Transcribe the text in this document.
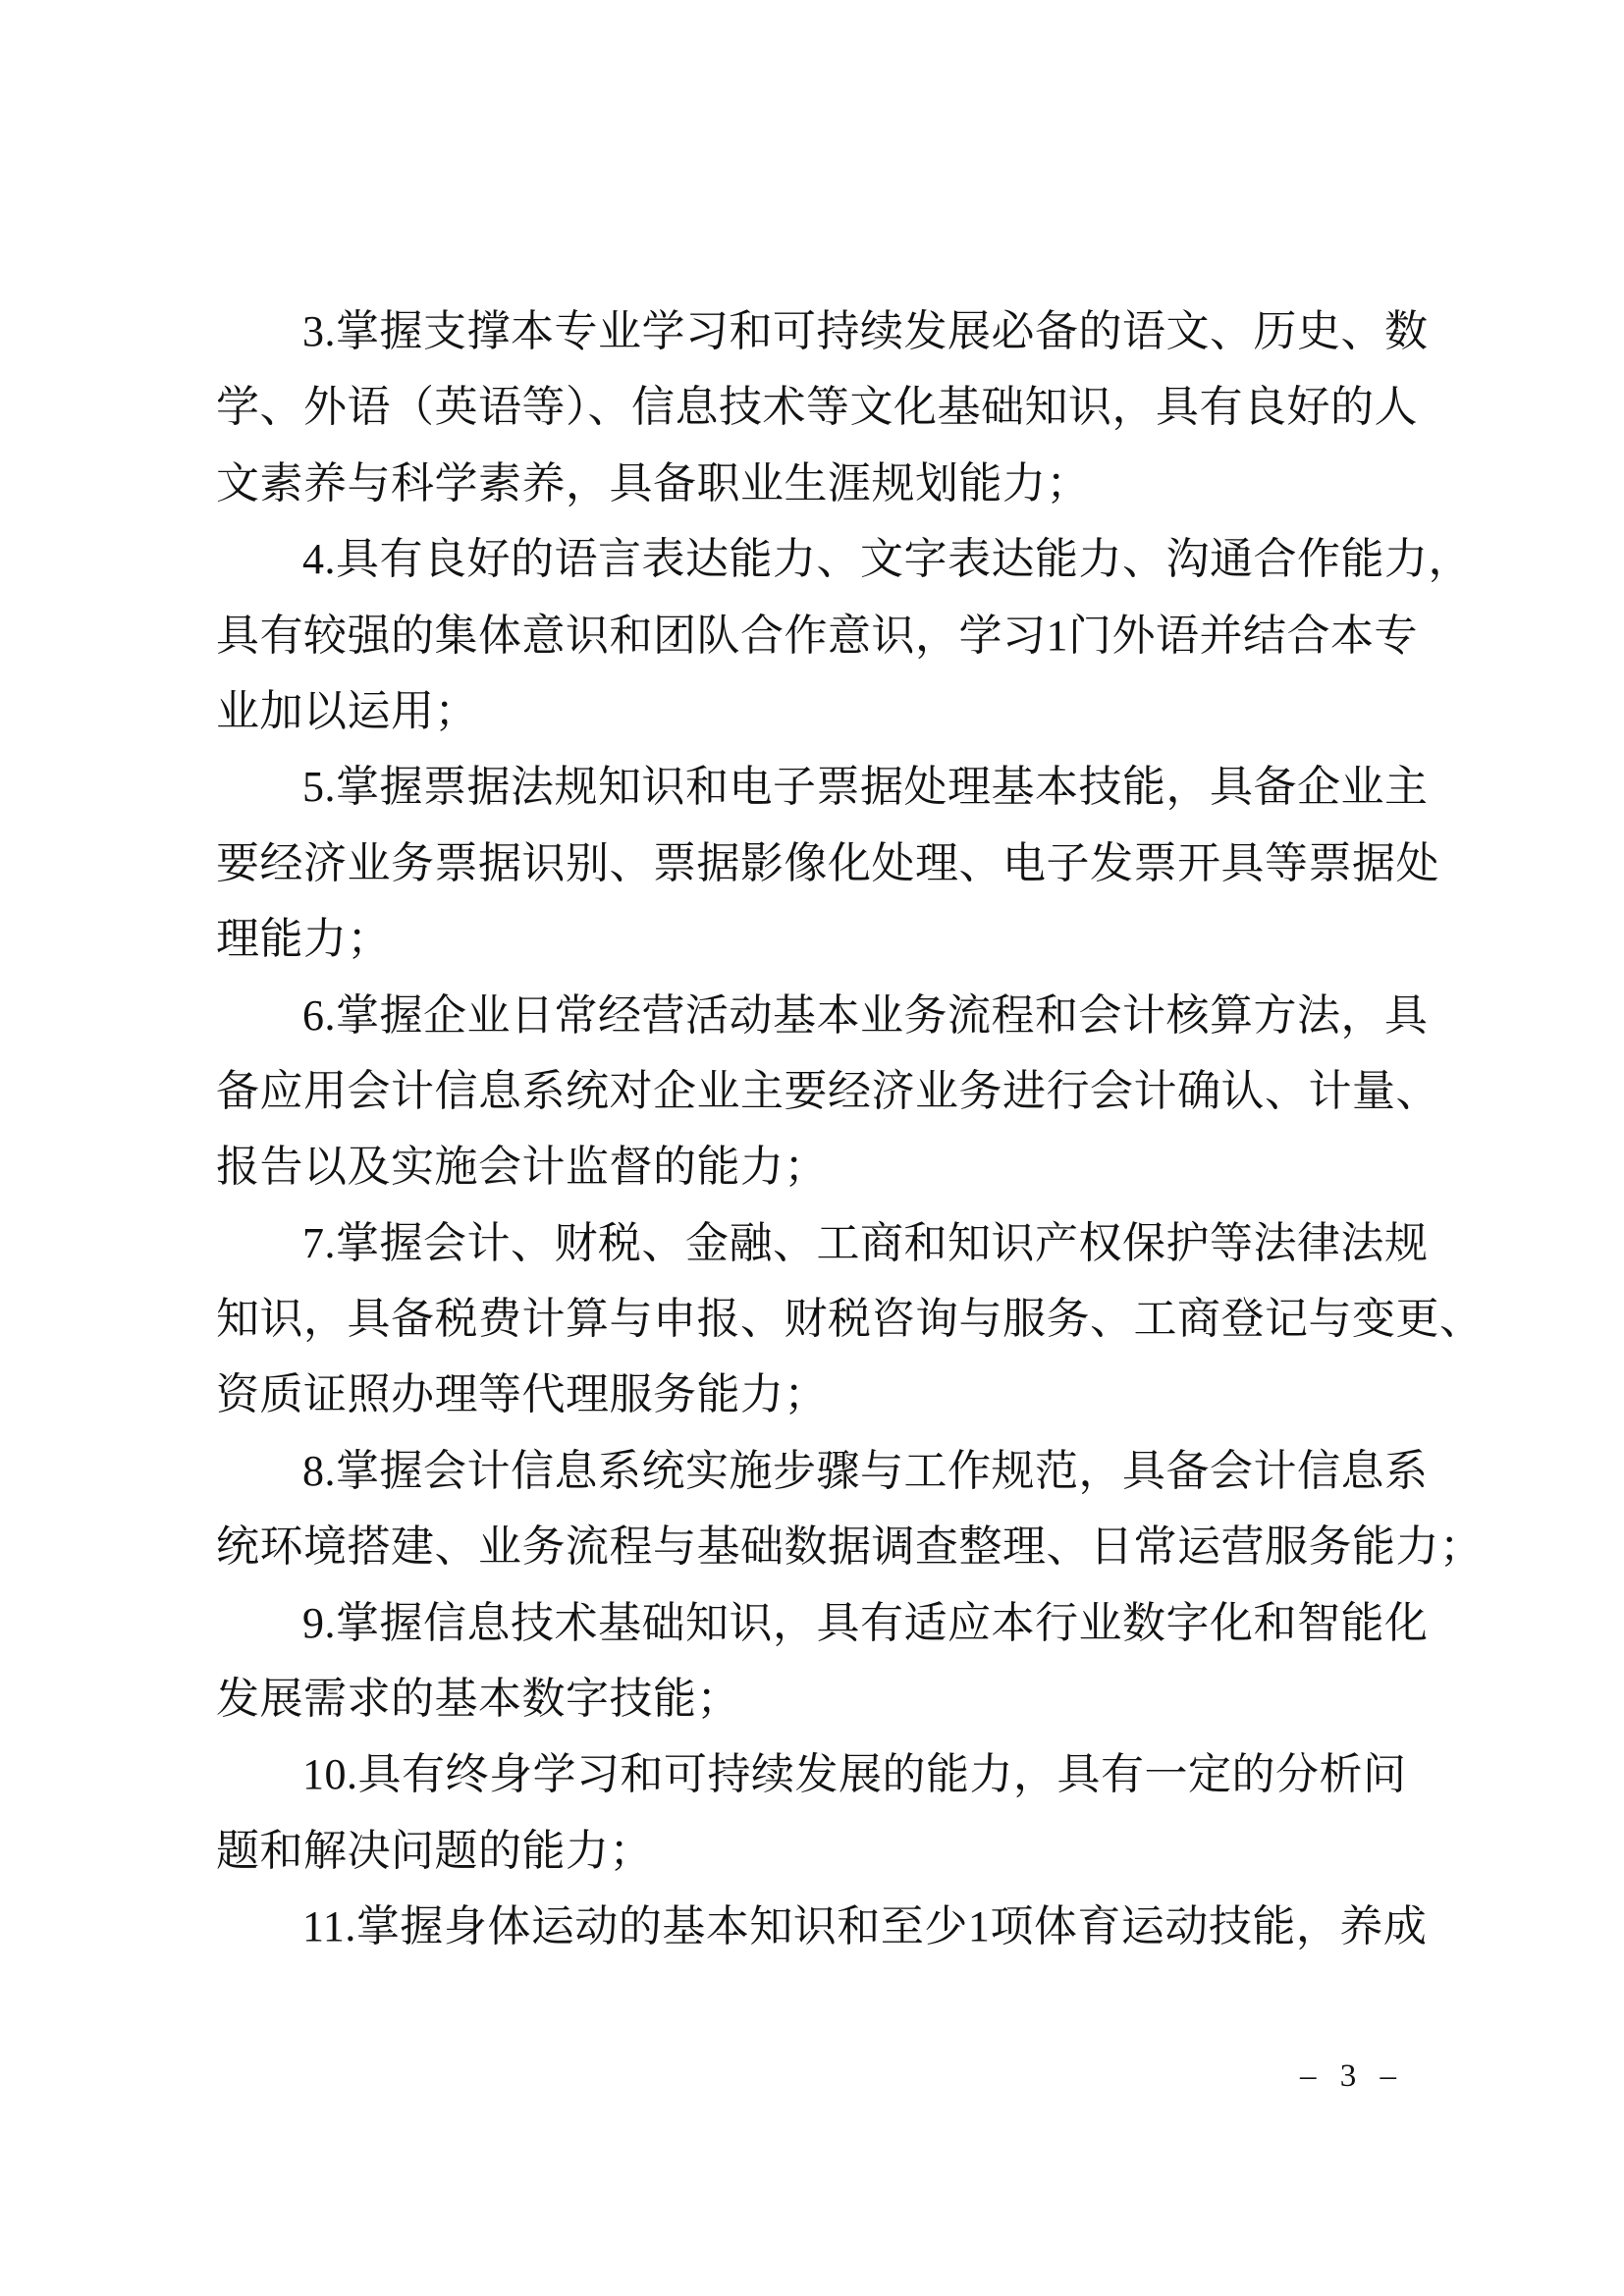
3.掌握支撑本专业学习和可持续发展必备的语文、历史、数
学、外语（英语等）、信息技术等文化基础知识，具有良好的人
文素养与科学素养，具备职业生涯规划能力；
4.具有良好的语言表达能力、文字表达能力、沟通合作能力，
具有较强的集体意识和团队合作意识，学习1门外语并结合本专
业加以运用；
5.掌握票据法规知识和电子票据处理基本技能，具备企业主
要经济业务票据识别、票据影像化处理、电子发票开具等票据处
理能力；
6.掌握企业日常经营活动基本业务流程和会计核算方法，具
备应用会计信息系统对企业主要经济业务进行会计确认、计量、
报告以及实施会计监督的能力；
7.掌握会计、财税、金融、工商和知识产权保护等法律法规
知识，具备税费计算与申报、财税咨询与服务、工商登记与变更、
资质证照办理等代理服务能力；
8.掌握会计信息系统实施步骤与工作规范，具备会计信息系
统环境搭建、业务流程与基础数据调查整理、日常运营服务能力；
9.掌握信息技术基础知识，具有适应本行业数字化和智能化
发展需求的基本数字技能；
10.具有终身学习和可持续发展的能力，具有一定的分析问
题和解决问题的能力；
11.掌握身体运动的基本知识和至少1项体育运动技能，养成
– 3 –
